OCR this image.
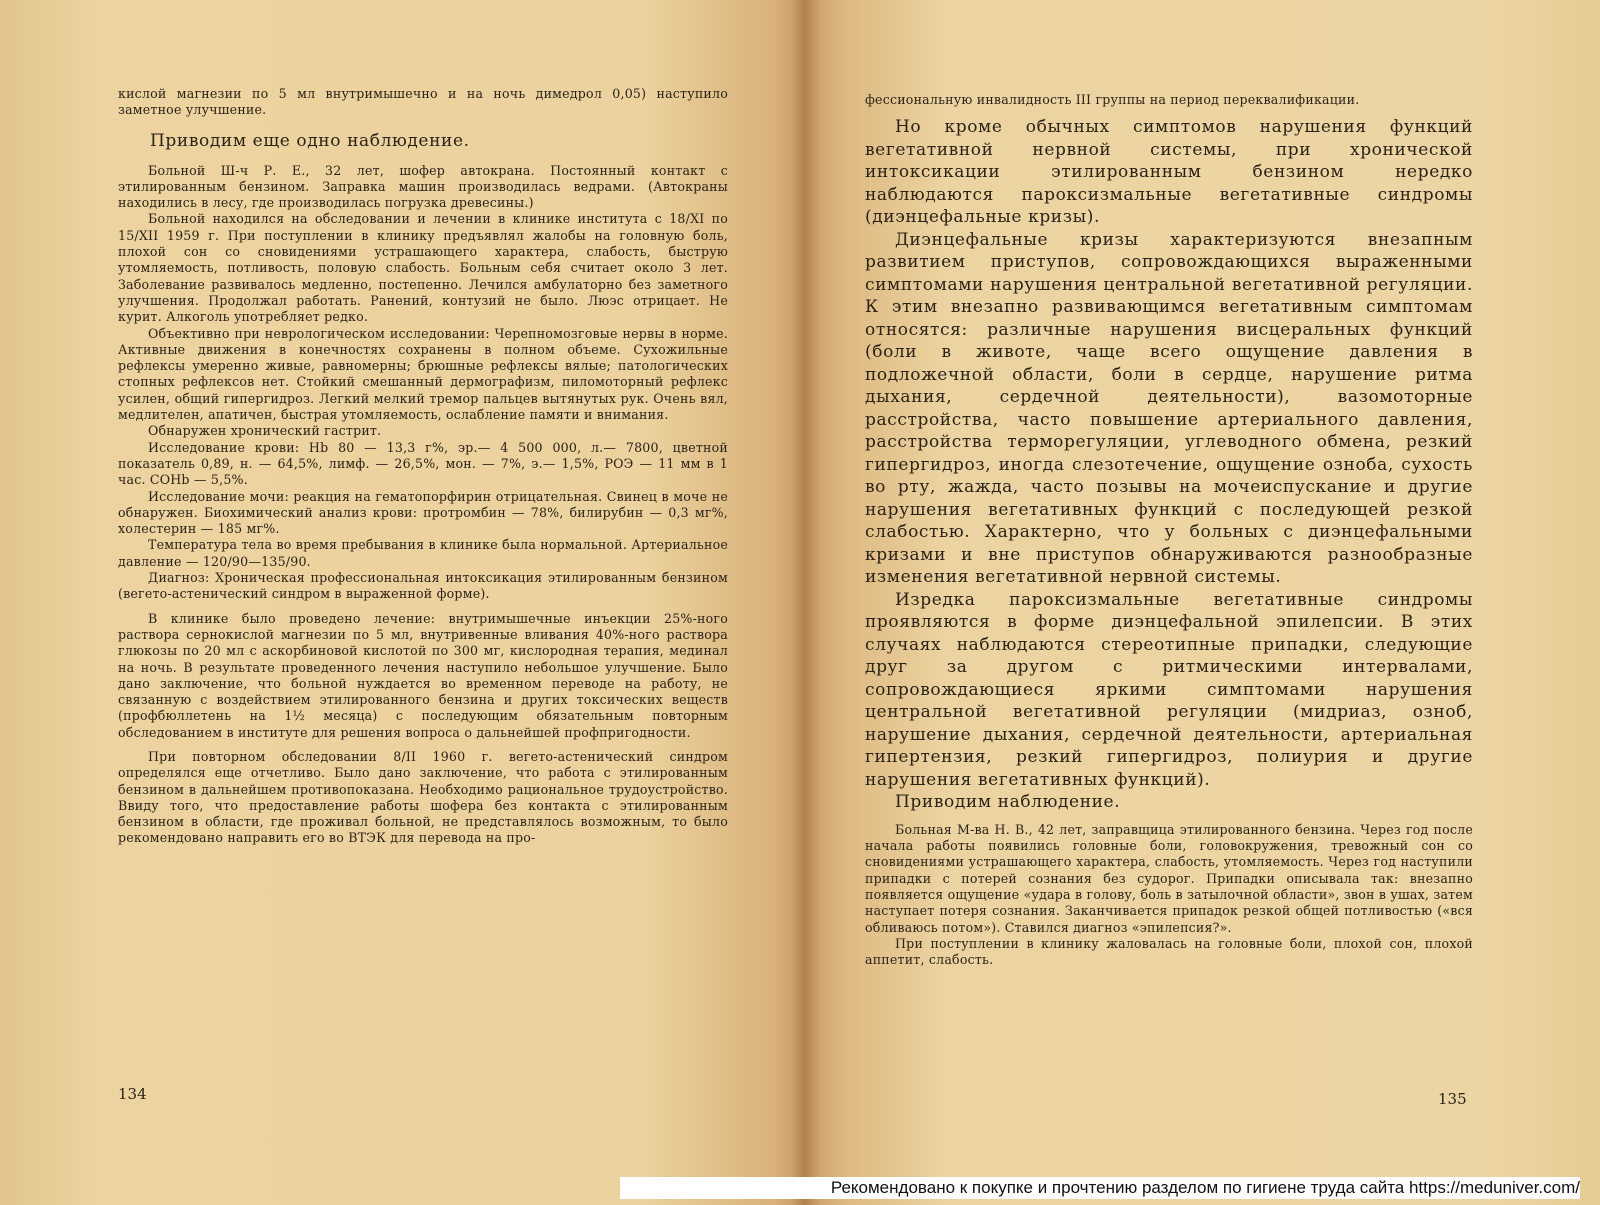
кислой магнезии по 5 мл внутримышечно и на ночь димедрол 0,05) наступило заметное улучшение.

Приводим еще одно наблюдение.

Больной Ш-ч Р. Е., 32 лет, шофер автокрана. Постоянный контакт с этилированным бензином. Заправка машин производилась ведрами. (Автокраны находились в лесу, где производилась погрузка древесины.)

Больной находился на обследовании и лечении в клинике института с 18/XI по 15/XII 1959 г. При поступлении в клинику предъявлял жалобы на головную боль, плохой сон со сновидениями устрашающего характера, слабость, быструю утомляемость, потливость, половую слабость. Больным себя считает около 3 лет. Заболевание развивалось медленно, постепенно. Лечился амбулаторно без заметного улучшения. Продолжал работать. Ранений, контузий не было. Люэс отрицает. Не курит. Алкоголь употребляет редко.

Объективно при неврологическом исследовании: Черепномозговые нервы в норме. Активные движения в конечностях сохранены в полном объеме. Сухожильные рефлексы умеренно живые, равномерны; брюшные рефлексы вялые; патологических стопных рефлексов нет. Стойкий смешанный дермографизм, пиломоторный рефлекс усилен, общий гипергидроз. Легкий мелкий тремор пальцев вытянутых рук. Очень вял, медлителен, апатичен, быстрая утомляемость, ослабление памяти и внимания.

Обнаружен хронический гастрит.

Исследование крови: Hb 80 — 13,3 г%, эр.— 4 500 000, л.— 7800, цветной показатель 0,89, н. — 64,5%, лимф. — 26,5%, мон. — 7%, э.— 1,5%, РОЭ — 11 мм в 1 час. СОНb — 5,5%.

Исследование мочи: реакция на гематопорфирин отрицательная. Свинец в моче не обнаружен. Биохимический анализ крови: протромбин — 78%, билирубин — 0,3 мг%, холестерин — 185 мг%.

Температура тела во время пребывания в клинике была нормальной. Артериальное давление — 120/90—135/90.

Диагноз: Хроническая профессиональная интоксикация этилированным бензином (вегето-астенический синдром в выраженной форме).

В клинике было проведено лечение: внутримышечные инъекции 25%-ного раствора сернокислой магнезии по 5 мл, внутривенные вливания 40%-ного раствора глюкозы по 20 мл с аскорбиновой кислотой по 300 мг, кислородная терапия, мединал на ночь. В результате проведенного лечения наступило небольшое улучшение. Было дано заключение, что больной нуждается во временном переводе на работу, не связанную с воздействием этилированного бензина и других токсических веществ (профбюллетень на 1½ месяца) с последующим обязательным повторным обследованием в институте для решения вопроса о дальнейшей профпригодности.

При повторном обследовании 8/II 1960 г. вегето-астенический синдром определялся еще отчетливо. Было дано заключение, что работа с этилированным бензином в дальнейшем противопоказана. Необходимо рациональное трудоустройство. Ввиду того, что предоставление работы шофера без контакта с этилированным бензином в области, где проживал больной, не представлялось возможным, то было рекомендовано направить его во ВТЭК для перевода на про-

134

фессиональную инвалидность III группы на период переквалификации.

Но кроме обычных симптомов нарушения функций вегетативной нервной системы, при хронической интоксикации этилированным бензином нередко наблюдаются пароксизмальные вегетативные синдромы (диэнцефальные кризы).

Диэнцефальные кризы характеризуются внезапным развитием приступов, сопровождающихся выраженными симптомами нарушения центральной вегетативной регуляции. К этим внезапно развивающимся вегетативным симптомам относятся: различные нарушения висцеральных функций (боли в животе, чаще всего ощущение давления в подложечной области, боли в сердце, нарушение ритма дыхания, сердечной деятельности), вазомоторные расстройства, часто повышение артериального давления, расстройства терморегуляции, углеводного обмена, резкий гипергидроз, иногда слезотечение, ощущение озноба, сухость во рту, жажда, часто позывы на мочеиспускание и другие нарушения вегетативных функций с последующей резкой слабостью. Характерно, что у больных с диэнцефальными кризами и вне приступов обнаруживаются разнообразные изменения вегетативной нервной системы.

Изредка пароксизмальные вегетативные синдромы проявляются в форме диэнцефальной эпилепсии. В этих случаях наблюдаются стереотипные припадки, следующие друг за другом с ритмическими интервалами, сопровождающиеся яркими симптомами нарушения центральной вегетативной регуляции (мидриаз, озноб, нарушение дыхания, сердечной деятельности, артериальная гипертензия, резкий гипергидроз, полиурия и другие нарушения вегетативных функций).

Приводим наблюдение.

Больная М-ва Н. В., 42 лет, заправщица этилированного бензина. Через год после начала работы появились головные боли, головокружения, тревожный сон со сновидениями устрашающего характера, слабость, утомляемость. Через год наступили припадки с потерей сознания без судорог. Припадки описывала так: внезапно появляется ощущение «удара в голову, боль в затылочной области», звон в ушах, затем наступает потеря сознания. Заканчивается припадок резкой общей потливостью («вся обливаюсь потом»). Ставился диагноз «эпилепсия?».

При поступлении в клинику жаловалась на головные боли, плохой сон, плохой аппетит, слабость.

135
Рекомендовано к покупке и прочтению разделом по гигиене труда сайта https://meduniver.com/
